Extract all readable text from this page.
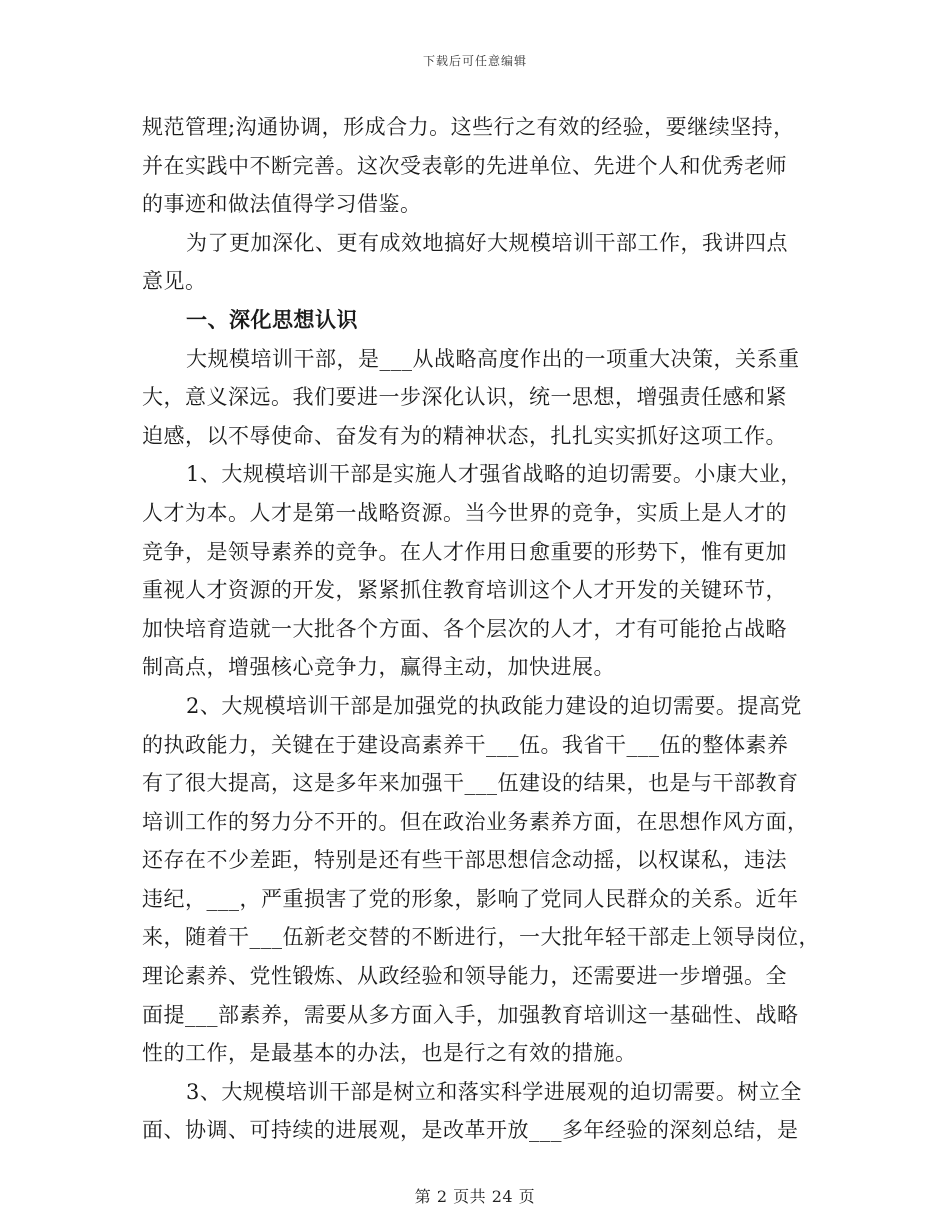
下载后可任意编辑
规范管理;沟通协调，形成合力。这些行之有效的经验，要继续坚持，
并在实践中不断完善。这次受表彰的先进单位、先进个人和优秀老师
的事迹和做法值得学习借鉴。
为了更加深化、更有成效地搞好大规模培训干部工作，我讲四点
意见。
一、深化思想认识
大规模培训干部，是___从战略高度作出的一项重大决策，关系重
大，意义深远。我们要进一步深化认识，统一思想，增强责任感和紧
迫感，以不辱使命、奋发有为的精神状态，扎扎实实抓好这项工作。
1、大规模培训干部是实施人才强省战略的迫切需要。小康大业，
人才为本。人才是第一战略资源。当今世界的竞争，实质上是人才的
竞争，是领导素养的竞争。在人才作用日愈重要的形势下，惟有更加
重视人才资源的开发，紧紧抓住教育培训这个人才开发的关键环节，
加快培育造就一大批各个方面、各个层次的人才，才有可能抢占战略
制高点，增强核心竞争力，赢得主动，加快进展。
2、大规模培训干部是加强党的执政能力建设的迫切需要。提高党
的执政能力，关键在于建设高素养干___伍。我省干___伍的整体素养
有了很大提高，这是多年来加强干___伍建设的结果，也是与干部教育
培训工作的努力分不开的。但在政治业务素养方面，在思想作风方面，
还存在不少差距，特别是还有些干部思想信念动摇，以权谋私，违法
违纪，___，严重损害了党的形象，影响了党同人民群众的关系。近年
来，随着干___伍新老交替的不断进行，一大批年轻干部走上领导岗位，
理论素养、党性锻炼、从政经验和领导能力，还需要进一步增强。全
面提___部素养，需要从多方面入手，加强教育培训这一基础性、战略
性的工作，是最基本的办法，也是行之有效的措施。
3、大规模培训干部是树立和落实科学进展观的迫切需要。树立全
面、协调、可持续的进展观，是改革开放___多年经验的深刻总结，是
第 2 页共 24 页
